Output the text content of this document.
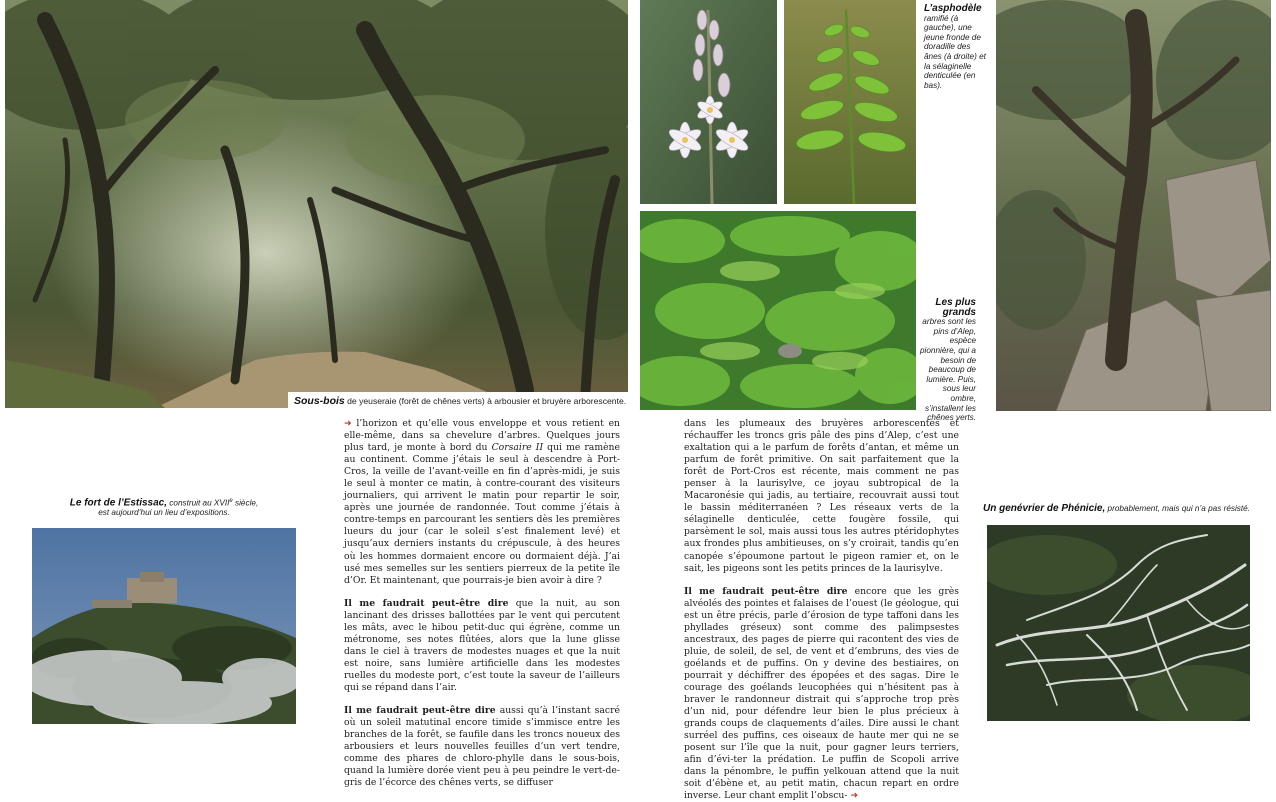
Sous-bois de yeuseraie (forêt de chênes verts) à arbousier et bruyère arborescente.
L’asphodèle
ramifié (à gauche), une jeune fronde de doradille des ânes (à droite) et la sélaginelle denticulée (en bas).
Les plus grands
arbres sont les pins d’Alep, espèce pionnière, qui a besoin de beaucoup de lumière. Puis, sous leur ombre, s’installent les chênes verts.
Le fort de l’Estissac, construit au XVIIe siècle,
est aujourd’hui un lieu d’expositions.	Un genévrier de Phénicie, probablement, mais qui n’a pas résisté.

➜ l’horizon et qu’elle vous enveloppe et vous retient en elle-même, dans sa chevelure d’arbres. Quelques jours plus tard, je monte à bord du Corsaire II qui me ramène au continent. Comme j’étais le seul à descendre à Port-Cros, la veille de l’avant-veille en fin d’après-midi, je suis le seul à monter ce matin, à contre-courant des visiteurs journaliers, qui arrivent le matin pour repartir le soir, après une journée de randonnée. Tout comme j’étais à contre-temps en parcourant les sentiers dès les premières lueurs du jour (car le soleil s’est finalement levé) et jusqu’aux derniers instants du crépuscule, à des heures où les hommes dormaient encore ou dormaient déjà. J’ai usé mes semelles sur les sentiers pierreux de la petite île d’Or. Et maintenant, que pourrais-je bien avoir à dire ?

Il me faudrait peut-être dire que la nuit, au son lancinant des drisses ballottées par le vent qui percutent les mâts, avec le hibou petit-duc qui égrène, comme un métronome, ses notes flûtées, alors que la lune glisse dans le ciel à travers de modestes nuages et que la nuit est noire, sans lumière artificielle dans les modestes ruelles du modeste port, c’est toute la saveur de l’ailleurs qui se répand dans l’air.

Il me faudrait peut-être dire aussi qu’à l’instant sacré où un soleil matutinal encore timide s’immisce entre les branches de la forêt, se faufile dans les troncs noueux des arbousiers et leurs nouvelles feuilles d’un vert tendre, comme des phares de chloro-phylle dans le sous-bois, quand la lumière dorée vient peu à peu peindre le vert-de-gris de l’écorce des chênes verts, se diffuser

dans les plumeaux des bruyères arborescentes et réchauffer les troncs gris pâle des pins d’Alep, c’est une exaltation qui a le parfum de forêts d’antan, et même un parfum de forêt primitive. On sait parfaitement que la forêt de Port-Cros est récente, mais comment ne pas penser à la laurisylve, ce joyau subtropical de la Macaronésie qui jadis, au tertiaire, recouvrait aussi tout le bassin méditerranéen ? Les réseaux verts de la sélaginelle denticulée, cette fougère fossile, qui parsèment le sol, mais aussi tous les autres ptéridophytes aux frondes plus ambitieuses, on s’y croirait, tandis qu’en canopée s’époumone partout le pigeon ramier et, on le sait, les pigeons sont les petits princes de la laurisylve.

Il me faudrait peut-être dire encore que les grès alvéolés des pointes et falaises de l’ouest (le géologue, qui est un être précis, parle d’érosion de type taffoni dans les phyllades gréseux) sont comme des palimpsestes ancestraux, des pages de pierre qui racontent des vies de pluie, de soleil, de sel, de vent et d’embruns, des vies de goélands et de puffins. On y devine des bestiaires, on pourrait y déchiffrer des épopées et des sagas. Dire le courage des goélands leucophées qui n’hésitent pas à braver le randonneur distrait qui s’approche trop près d’un nid, pour défendre leur bien le plus précieux à grands coups de claquements d’ailes. Dire aussi le chant surréel des puffins, ces oiseaux de haute mer qui ne se posent sur l’île que la nuit, pour gagner leurs terriers, afin d’évi-ter la prédation. Le puffin de Scopoli arrive dans la pénombre, le puffin yelkouan attend que la nuit soit d’ébène et, au petit matin, chacun repart en ordre inverse. Leur chant emplit l’obscu- ➜
